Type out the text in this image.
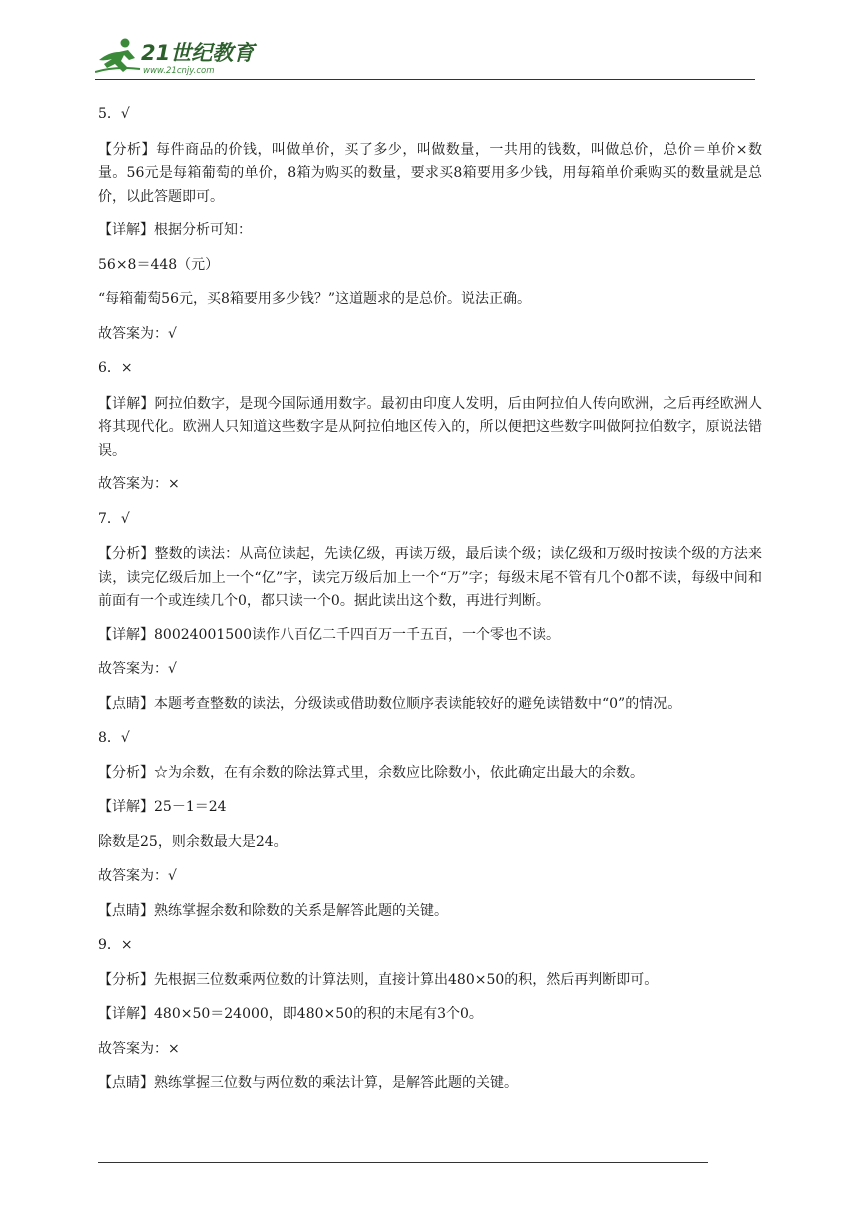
21世纪教育
www.21cnjy.com
5．√
【分析】每件商品的价钱，叫做单价，买了多少，叫做数量，一共用的钱数，叫做总价，总价＝单价×数量。56元是每箱葡萄的单价，8箱为购买的数量，要求买8箱要用多少钱，用每箱单价乘购买的数量就是总价，以此答题即可。
【详解】根据分析可知：
56×8＝448（元）
“每箱葡萄56元，买8箱要用多少钱？”这道题求的是总价。说法正确。
故答案为：√
6．×
【详解】阿拉伯数字，是现今国际通用数字。最初由印度人发明，后由阿拉伯人传向欧洲，之后再经欧洲人将其现代化。欧洲人只知道这些数字是从阿拉伯地区传入的，所以便把这些数字叫做阿拉伯数字，原说法错误。
故答案为：×
7．√
【分析】整数的读法：从高位读起，先读亿级，再读万级，最后读个级；读亿级和万级时按读个级的方法来读，读完亿级后加上一个“亿”字，读完万级后加上一个“万”字；每级末尾不管有几个0都不读，每级中间和前面有一个或连续几个0，都只读一个0。据此读出这个数，再进行判断。
【详解】80024001500读作八百亿二千四百万一千五百，一个零也不读。
故答案为：√
【点睛】本题考查整数的读法，分级读或借助数位顺序表读能较好的避免读错数中“0”的情况。
8．√
【分析】☆为余数，在有余数的除法算式里，余数应比除数小，依此确定出最大的余数。
【详解】25－1＝24
除数是25，则余数最大是24。
故答案为：√
【点睛】熟练掌握余数和除数的关系是解答此题的关键。
9．×
【分析】先根据三位数乘两位数的计算法则，直接计算出480×50的积，然后再判断即可。
【详解】480×50＝24000，即480×50的积的末尾有3个0。
故答案为：×
【点睛】熟练掌握三位数与两位数的乘法计算，是解答此题的关键。
